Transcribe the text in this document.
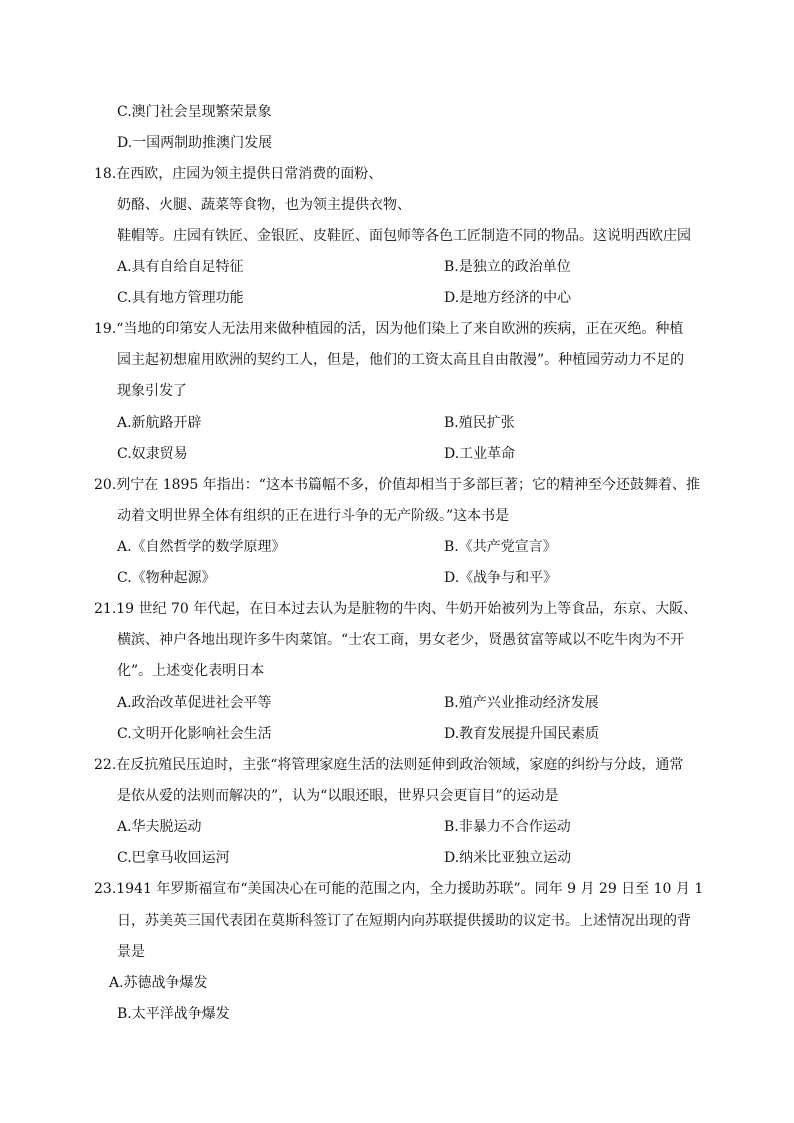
C.澳门社会呈现繁荣景象
D.一国两制助推澳门发展
18.在西欧，庄园为领主提供日常消费的面粉、
奶酪、火腿、蔬菜等食物，也为领主提供衣物、
鞋帽等。庄园有铁匠、金银匠、皮鞋匠、面包师等各色工匠制造不同的物品。这说明西欧庄园
A.具有自给自足特征	B.是独立的政治单位
C.具有地方管理功能	D.是地方经济的中心
19.“当地的印第安人无法用来做种植园的活，因为他们染上了来自欧洲的疾病，正在灭绝。种植
园主起初想雇用欧洲的契约工人，但是，他们的工资太高且自由散漫”。种植园劳动力不足的
现象引发了
A.新航路开辟	B.殖民扩张
C.奴隶贸易	D.工业革命
20.列宁在 1895 年指出：“这本书篇幅不多，价值却相当于多部巨著；它的精神至今还鼓舞着、推
动着文明世界全体有组织的正在进行斗争的无产阶级。”这本书是
A.《自然哲学的数学原理》	B.《共产党宣言》
C.《物种起源》	D.《战争与和平》
21.19 世纪 70 年代起，在日本过去认为是脏物的牛肉、牛奶开始被列为上等食品，东京、大阪、
横滨、神户各地出现许多牛肉菜馆。“士农工商，男女老少，贤愚贫富等咸以不吃牛肉为不开
化”。上述变化表明日本
A.政治改革促进社会平等	B.殖产兴业推动经济发展
C.文明开化影响社会生活	D.教育发展提升国民素质
22.在反抗殖民压迫时，主张“将管理家庭生活的法则延伸到政治领域，家庭的纠纷与分歧，通常
是依从爱的法则而解决的”，认为“以眼还眼，世界只会更盲目”的运动是
A.华夫脱运动	B.非暴力不合作运动
C.巴拿马收回运河	D.纳米比亚独立运动
23.1941 年罗斯福宣布“美国决心在可能的范围之内，全力援助苏联”。同年 9 月 29 日至 10 月 1
日，苏美英三国代表团在莫斯科签订了在短期内向苏联提供援助的议定书。上述情况出现的背
景是
A.苏德战争爆发
B.太平洋战争爆发
